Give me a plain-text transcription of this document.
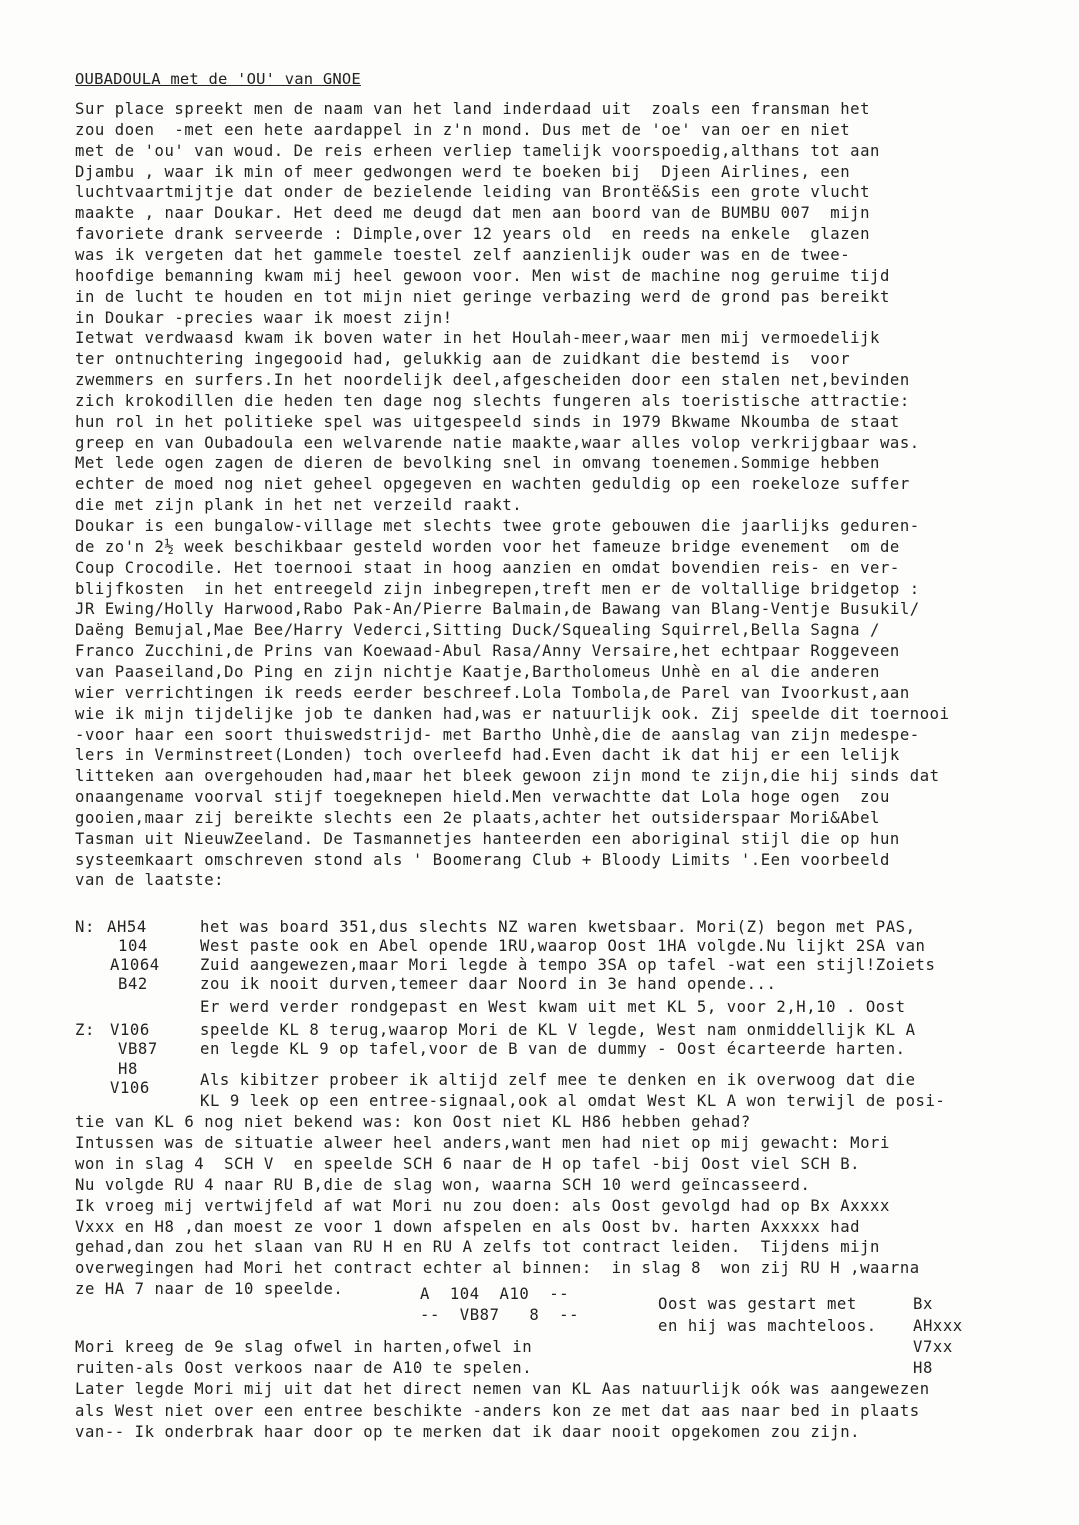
OUBADOULA met de 'OU' van GNOE
Sur place spreekt men de naam van het land inderdaad uit  zoals een fransman het
zou doen  -met een hete aardappel in z'n mond. Dus met de 'oe' van oer en niet
met de 'ou' van woud. De reis erheen verliep tamelijk voorspoedig,althans tot aan
Djambu , waar ik min of meer gedwongen werd te boeken bij  Djeen Airlines, een
luchtvaartmijtje dat onder de bezielende leiding van Brontë&Sis een grote vlucht
maakte , naar Doukar. Het deed me deugd dat men aan boord van de BUMBU 007  mijn
favoriete drank serveerde : Dimple,over 12 years old  en reeds na enkele  glazen
was ik vergeten dat het gammele toestel zelf aanzienlijk ouder was en de twee-
hoofdige bemanning kwam mij heel gewoon voor. Men wist de machine nog geruime tijd
in de lucht te houden en tot mijn niet geringe verbazing werd de grond pas bereikt
in Doukar -precies waar ik moest zijn!
Ietwat verdwaasd kwam ik boven water in het Houlah-meer,waar men mij vermoedelijk
ter ontnuchtering ingegooid had, gelukkig aan de zuidkant die bestemd is  voor
zwemmers en surfers.In het noordelijk deel,afgescheiden door een stalen net,bevinden
zich krokodillen die heden ten dage nog slechts fungeren als toeristische attractie:
hun rol in het politieke spel was uitgespeeld sinds in 1979 Bkwame Nkoumba de staat
greep en van Oubadoula een welvarende natie maakte,waar alles volop verkrijgbaar was.
Met lede ogen zagen de dieren de bevolking snel in omvang toenemen.Sommige hebben
echter de moed nog niet geheel opgegeven en wachten geduldig op een roekeloze suffer
die met zijn plank in het net verzeild raakt.
Doukar is een bungalow-village met slechts twee grote gebouwen die jaarlijks geduren-
de zo'n 2½ week beschikbaar gesteld worden voor het fameuze bridge evenement  om de
Coup Crocodile. Het toernooi staat in hoog aanzien en omdat bovendien reis- en ver-
blijfkosten  in het entreegeld zijn inbegrepen,treft men er de voltallige bridgetop :
JR Ewing/Holly Harwood,Rabo Pak-An/Pierre Balmain,de Bawang van Blang-Ventje Busukil/
Daëng Bemujal,Mae Bee/Harry Vederci,Sitting Duck/Squealing Squirrel,Bella Sagna /
Franco Zucchini,de Prins van Koewaad-Abul Rasa/Anny Versaire,het echtpaar Roggeveen
van Paaseiland,Do Ping en zijn nichtje Kaatje,Bartholomeus Unhè en al die anderen
wier verrichtingen ik reeds eerder beschreef.Lola Tombola,de Parel van Ivoorkust,aan
wie ik mijn tijdelijke job te danken had,was er natuurlijk ook. Zij speelde dit toernooi
-voor haar een soort thuiswedstrijd- met Bartho Unhè,die de aanslag van zijn medespe-
lers in Verminstreet(Londen) toch overleefd had.Even dacht ik dat hij er een lelijk
litteken aan overgehouden had,maar het bleek gewoon zijn mond te zijn,die hij sinds dat
onaangename voorval stijf toegeknepen hield.Men verwachtte dat Lola hoge ogen  zou
gooien,maar zij bereikte slechts een 2e plaats,achter het outsiderspaar Mori&Abel
Tasman uit NieuwZeeland. De Tasmannetjes hanteerden een aboriginal stijl die op hun
systeemkaart omschreven stond als ' Boomerang Club + Bloody Limits '.Een voorbeeld
van de laatste:
N: AH54
104
A1064
B42
Z: V106
VB87
H8
V106
het was board 351,dus slechts NZ waren kwetsbaar. Mori(Z) begon met PAS,
West paste ook en Abel opende 1RU,waarop Oost 1HA volgde.Nu lijkt 2SA van
Zuid aangewezen,maar Mori legde à tempo 3SA op tafel -wat een stijl!Zoiets
zou ik nooit durven,temeer daar Noord in 3e hand opende...
Er werd verder rondgepast en West kwam uit met KL 5, voor 2,H,10 . Oost
speelde KL 8 terug,waarop Mori de KL V legde, West nam onmiddellijk KL A
en legde KL 9 op tafel,voor de B van de dummy - Oost écarteerde harten.
Als kibitzer probeer ik altijd zelf mee te denken en ik overwoog dat die
KL 9 leek op een entree-signaal,ook al omdat West KL A won terwijl de posi-
tie van KL 6 nog niet bekend was: kon Oost niet KL H86 hebben gehad?
Intussen was de situatie alweer heel anders,want men had niet op mij gewacht: Mori
won in slag 4  SCH V  en speelde SCH 6 naar de H op tafel -bij Oost viel SCH B.
Nu volgde RU 4 naar RU B,die de slag won, waarna SCH 10 werd geïncasseerd.
Ik vroeg mij vertwijfeld af wat Mori nu zou doen: als Oost gevolgd had op Bx Axxxx
Vxxx en H8 ,dan moest ze voor 1 down afspelen en als Oost bv. harten Axxxxx had
gehad,dan zou het slaan van RU H en RU A zelfs tot contract leiden.  Tijdens mijn
overwegingen had Mori het contract echter al binnen:  in slag 8  won zij RU H ,waarna
ze HA 7 naar de 10 speelde.	A  104  A10  --
--  VB87   8  --
Oost was gestart met
en hij was machteloos.
Bx
AHxxx
V7xx
H8
Mori kreeg de 9e slag ofwel in harten,ofwel in
ruiten-als Oost verkoos naar de A10 te spelen.
Later legde Mori mij uit dat het direct nemen van KL Aas natuurlijk oók was aangewezen
als West niet over een entree beschikte -anders kon ze met dat aas naar bed in plaats
van-- Ik onderbrak haar door op te merken dat ik daar nooit opgekomen zou zijn.
